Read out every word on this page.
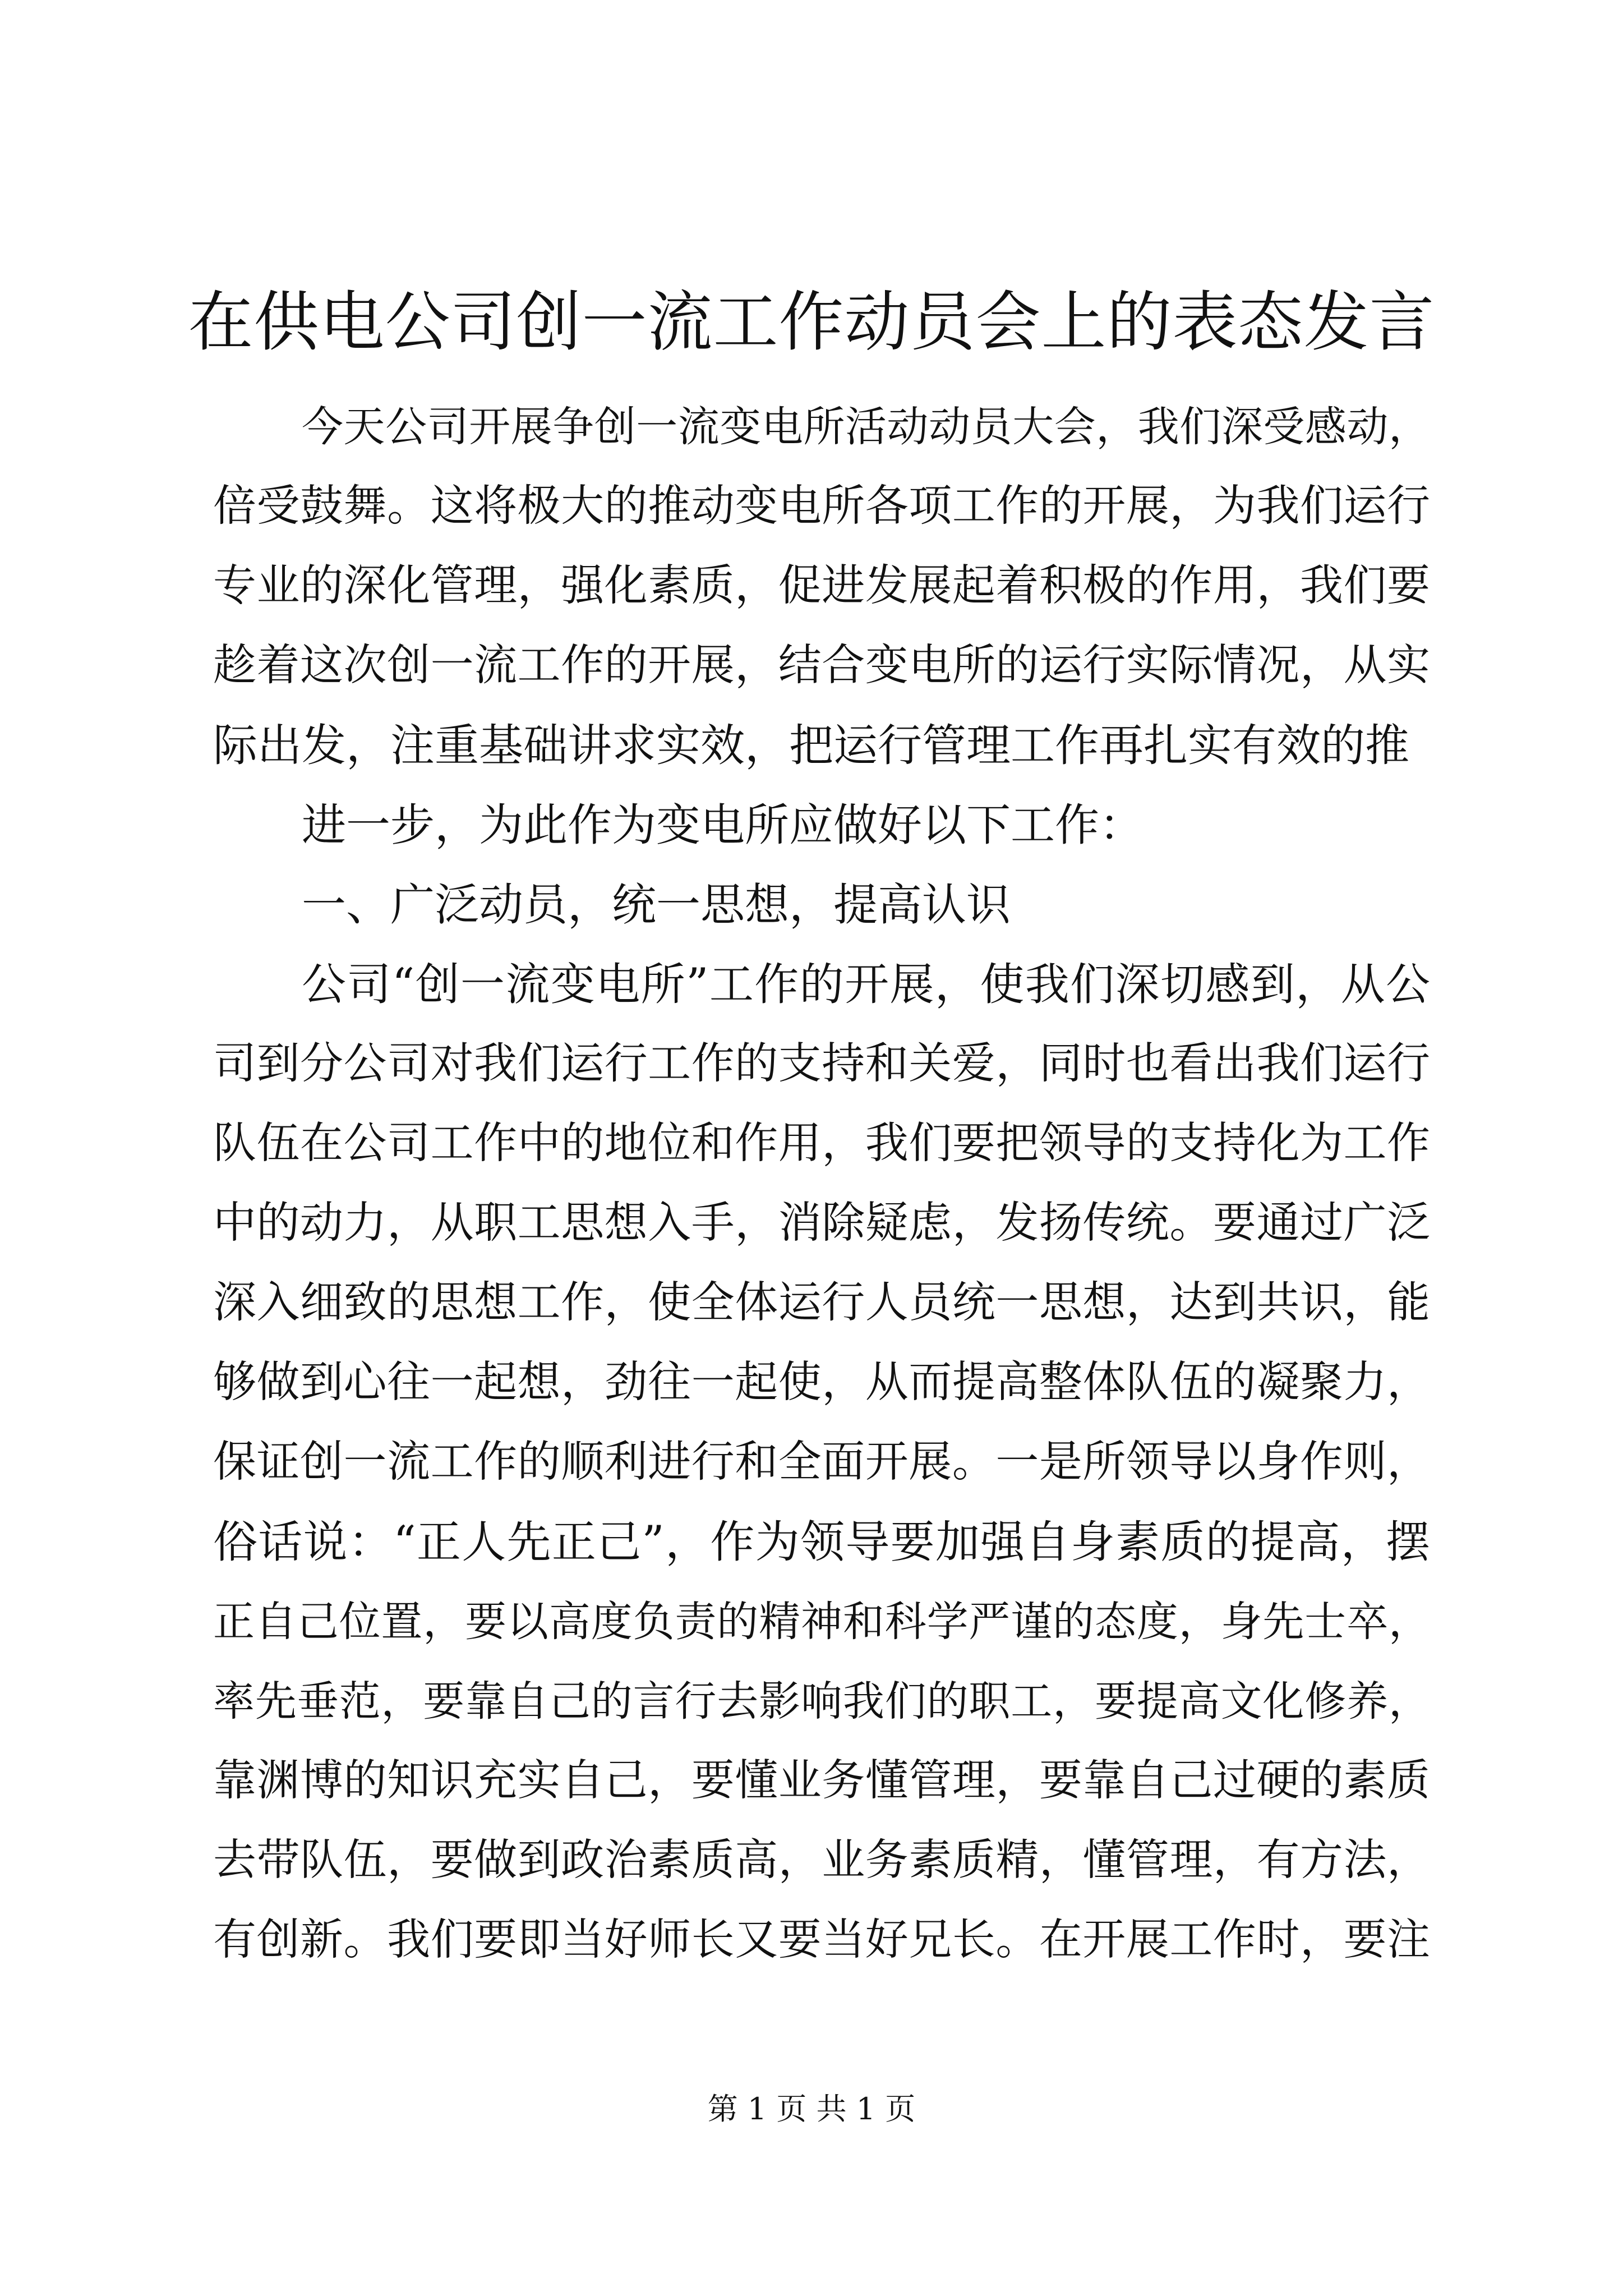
在供电公司创一流工作动员会上的表态发言
今天公司开展争创一流变电所活动动员大会，我们深受感动，
倍受鼓舞。这将极大的推动变电所各项工作的开展，为我们运行
专业的深化管理，强化素质，促进发展起着积极的作用，我们要
趁着这次创一流工作的开展，结合变电所的运行实际情况，从实
际出发，注重基础讲求实效，把运行管理工作再扎实有效的推
进一步，为此作为变电所应做好以下工作：
一、广泛动员，统一思想，提高认识
公司“创一流变电所”工作的开展，使我们深切感到，从公
司到分公司对我们运行工作的支持和关爱，同时也看出我们运行
队伍在公司工作中的地位和作用，我们要把领导的支持化为工作
中的动力，从职工思想入手，消除疑虑，发扬传统。要通过广泛
深入细致的思想工作，使全体运行人员统一思想，达到共识，能
够做到心往一起想，劲往一起使，从而提高整体队伍的凝聚力，
保证创一流工作的顺利进行和全面开展。一是所领导以身作则，
俗话说：“正人先正己”，作为领导要加强自身素质的提高，摆
正自己位置，要以高度负责的精神和科学严谨的态度，身先士卒，
率先垂范，要靠自己的言行去影响我们的职工，要提高文化修养，
靠渊博的知识充实自己，要懂业务懂管理，要靠自己过硬的素质
去带队伍，要做到政治素质高，业务素质精，懂管理，有方法，
有创新。我们要即当好师长又要当好兄长。在开展工作时，要注
第 1 页 共 1 页
